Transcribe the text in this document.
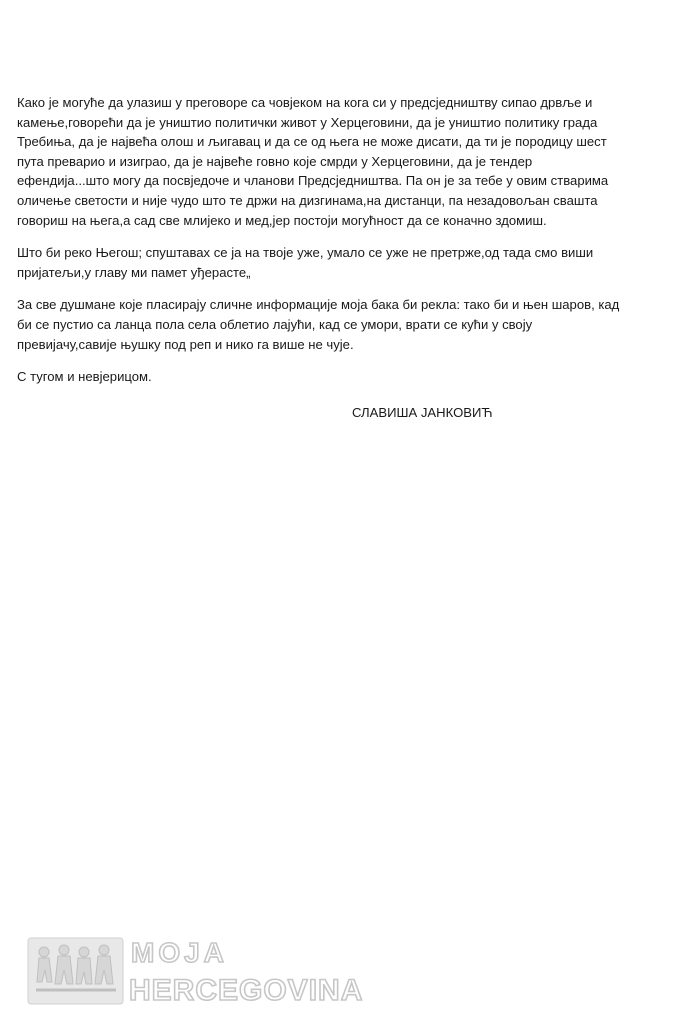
Како је могуће да улазиш у преговоре са човјеком на кога си у предсједништву сипао дрвље и
камење,говорећи да је уништио политички живот у Херцеговини, да је уништио политику града
Требиња, да је највећа олош и љигавац и да се од њега не може дисати, да ти је породицу шест
пута преварио и изиграо, да је највеће говно које смрди у Херцеговини, да је тендер
ефендија...што могу да посвједоче и чланови Предсједништва. Па он је за тебе у овим стварима
оличење светости и није чудо што те држи на дизгинама,на дистанци, па незадовољан свашта
говориш на њега,а сад све млијеко и мед,јер постоји могућност да се коначно здомиш.

Што би реко Његош; спуштавах се ја на твоје уже, умало се уже не претрже,од тада смо виши
пријатељи,у главу ми памет уђерасте„

За све душмане које пласирају сличне информације моја бака би рекла: тако би и њен шаров, кад
би се пустио са ланца пола села облетио лајући, кад се умори, врати се кући у своју
превијачу,савије њушку под реп и нико га више не чује.

С тугом и невјерицом.

СЛАВИША ЈАНКОВИЋ
MOJA
HERCEGOVINA
